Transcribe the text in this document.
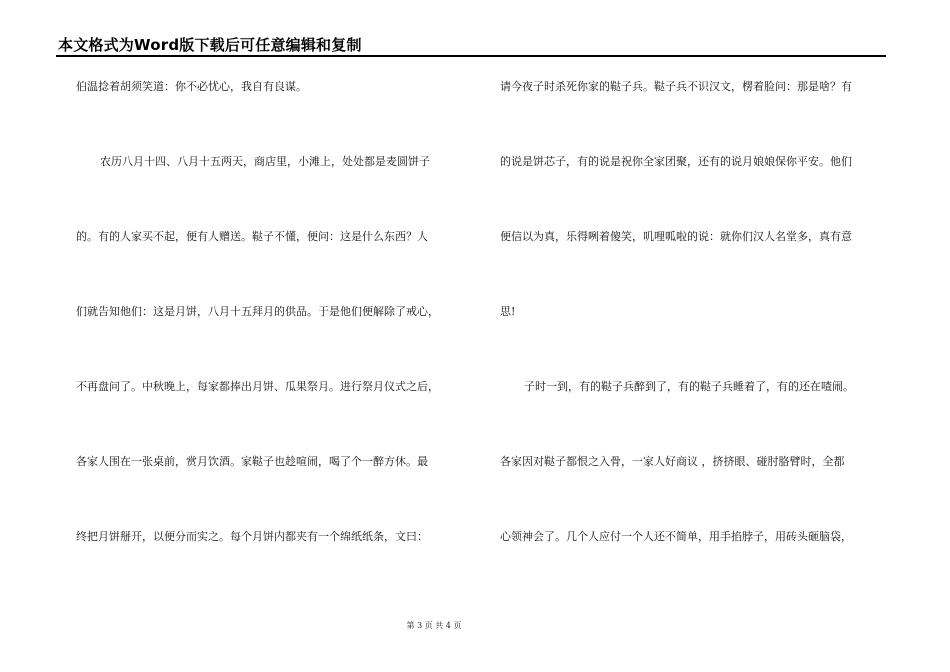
本文格式为Word版下载后可任意编辑和复制

伯温捻着胡须笑道：你不必忧心，我自有良谋。

农历八月十四、八月十五两天，商店里，小滩上，处处都是麦圆饼子

的。有的人家买不起，便有人赠送。鞑子不懂，便问：这是什么东西？人

们就告知他们：这是月饼，八月十五拜月的供品。于是他们便解除了戒心，

不再盘问了。中秋晚上，每家都捧出月饼、瓜果祭月。进行祭月仪式之后，

各家人围在一张桌前，赏月饮酒。家鞑子也趁喧闹，喝了个一醉方休。最

终把月饼掰开，以便分而实之。每个月饼内都夹有一个绵纸纸条，文曰：

请今夜子时杀死你家的鞑子兵。鞑子兵不识汉文，楞着脸问：那是啥？有

的说是饼芯子，有的说是祝你全家团聚，还有的说月娘娘保你平安。他们

便信以为真，乐得咧着傻笑，叽哩呱啦的说：就你们汉人名堂多，真有意

思!

子时一到，有的鞑子兵醉到了，有的鞑子兵睡着了，有的还在喳闹。

各家因对鞑子都恨之入骨，一家人好商议 ，挤挤眼、碰肘胳臂时，全都

心领神会了。几个人应付一个人还不简单，用手掐脖子，用砖头砸脑袋，

第 3 页 共 4 页
